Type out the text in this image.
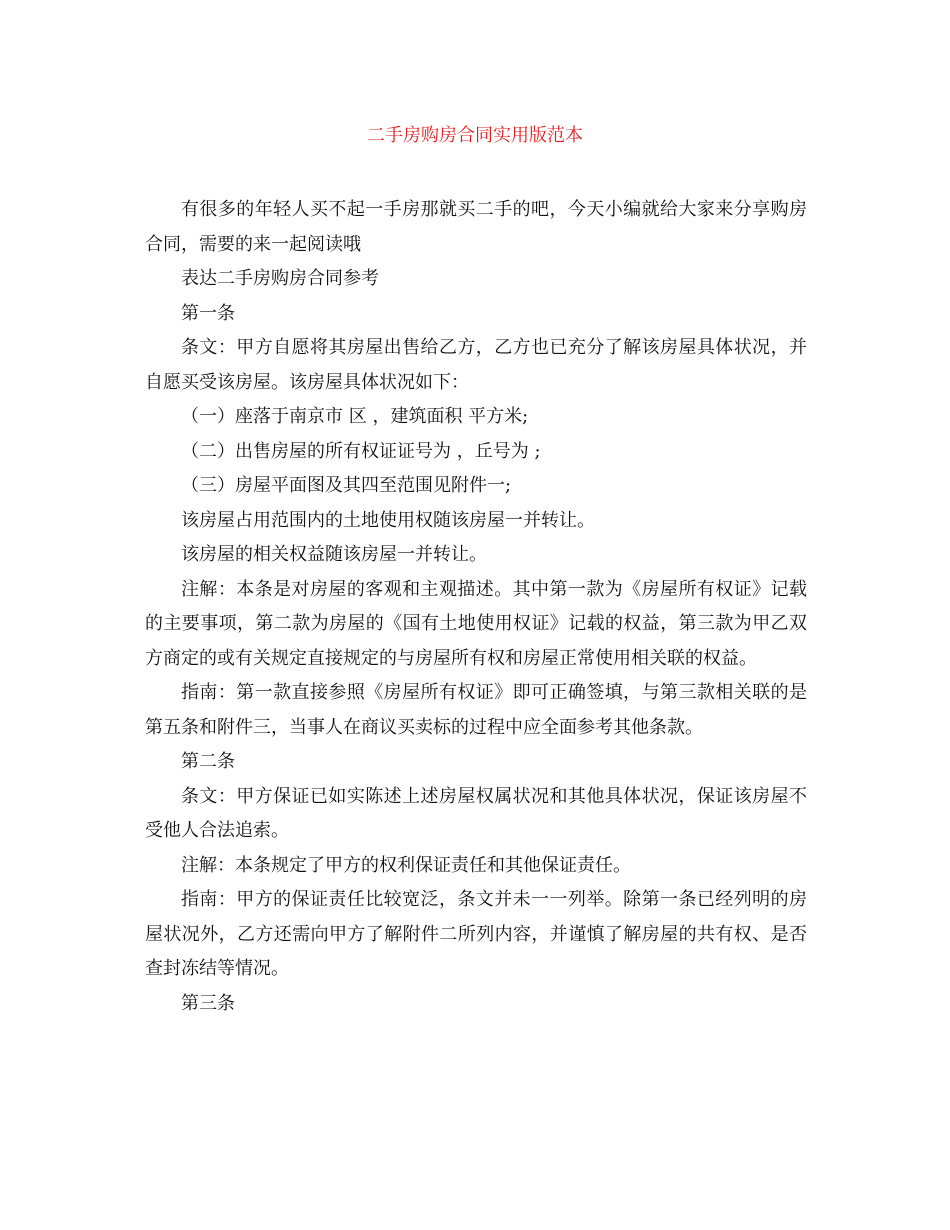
二手房购房合同实用版范本

有很多的年轻人买不起一手房那就买二手的吧，今天小编就给大家来分享购房合同，需要的来一起阅读哦

表达二手房购房合同参考

第一条

条文：甲方自愿将其房屋出售给乙方，乙方也已充分了解该房屋具体状况，并自愿买受该房屋。该房屋具体状况如下：

（一）座落于南京市 区 ，建筑面积 平方米;

（二）出售房屋的所有权证证号为 ，丘号为 ;

（三）房屋平面图及其四至范围见附件一;

该房屋占用范围内的土地使用权随该房屋一并转让。

该房屋的相关权益随该房屋一并转让。

注解：本条是对房屋的客观和主观描述。其中第一款为《房屋所有权证》记载的主要事项，第二款为房屋的《国有土地使用权证》记载的权益，第三款为甲乙双方商定的或有关规定直接规定的与房屋所有权和房屋正常使用相关联的权益。

指南：第一款直接参照《房屋所有权证》即可正确签填，与第三款相关联的是第五条和附件三，当事人在商议买卖标的过程中应全面参考其他条款。

第二条

条文：甲方保证已如实陈述上述房屋权属状况和其他具体状况，保证该房屋不受他人合法追索。

注解：本条规定了甲方的权利保证责任和其他保证责任。

指南：甲方的保证责任比较宽泛，条文并未一一列举。除第一条已经列明的房屋状况外，乙方还需向甲方了解附件二所列内容，并谨慎了解房屋的共有权、是否查封冻结等情况。

第三条
